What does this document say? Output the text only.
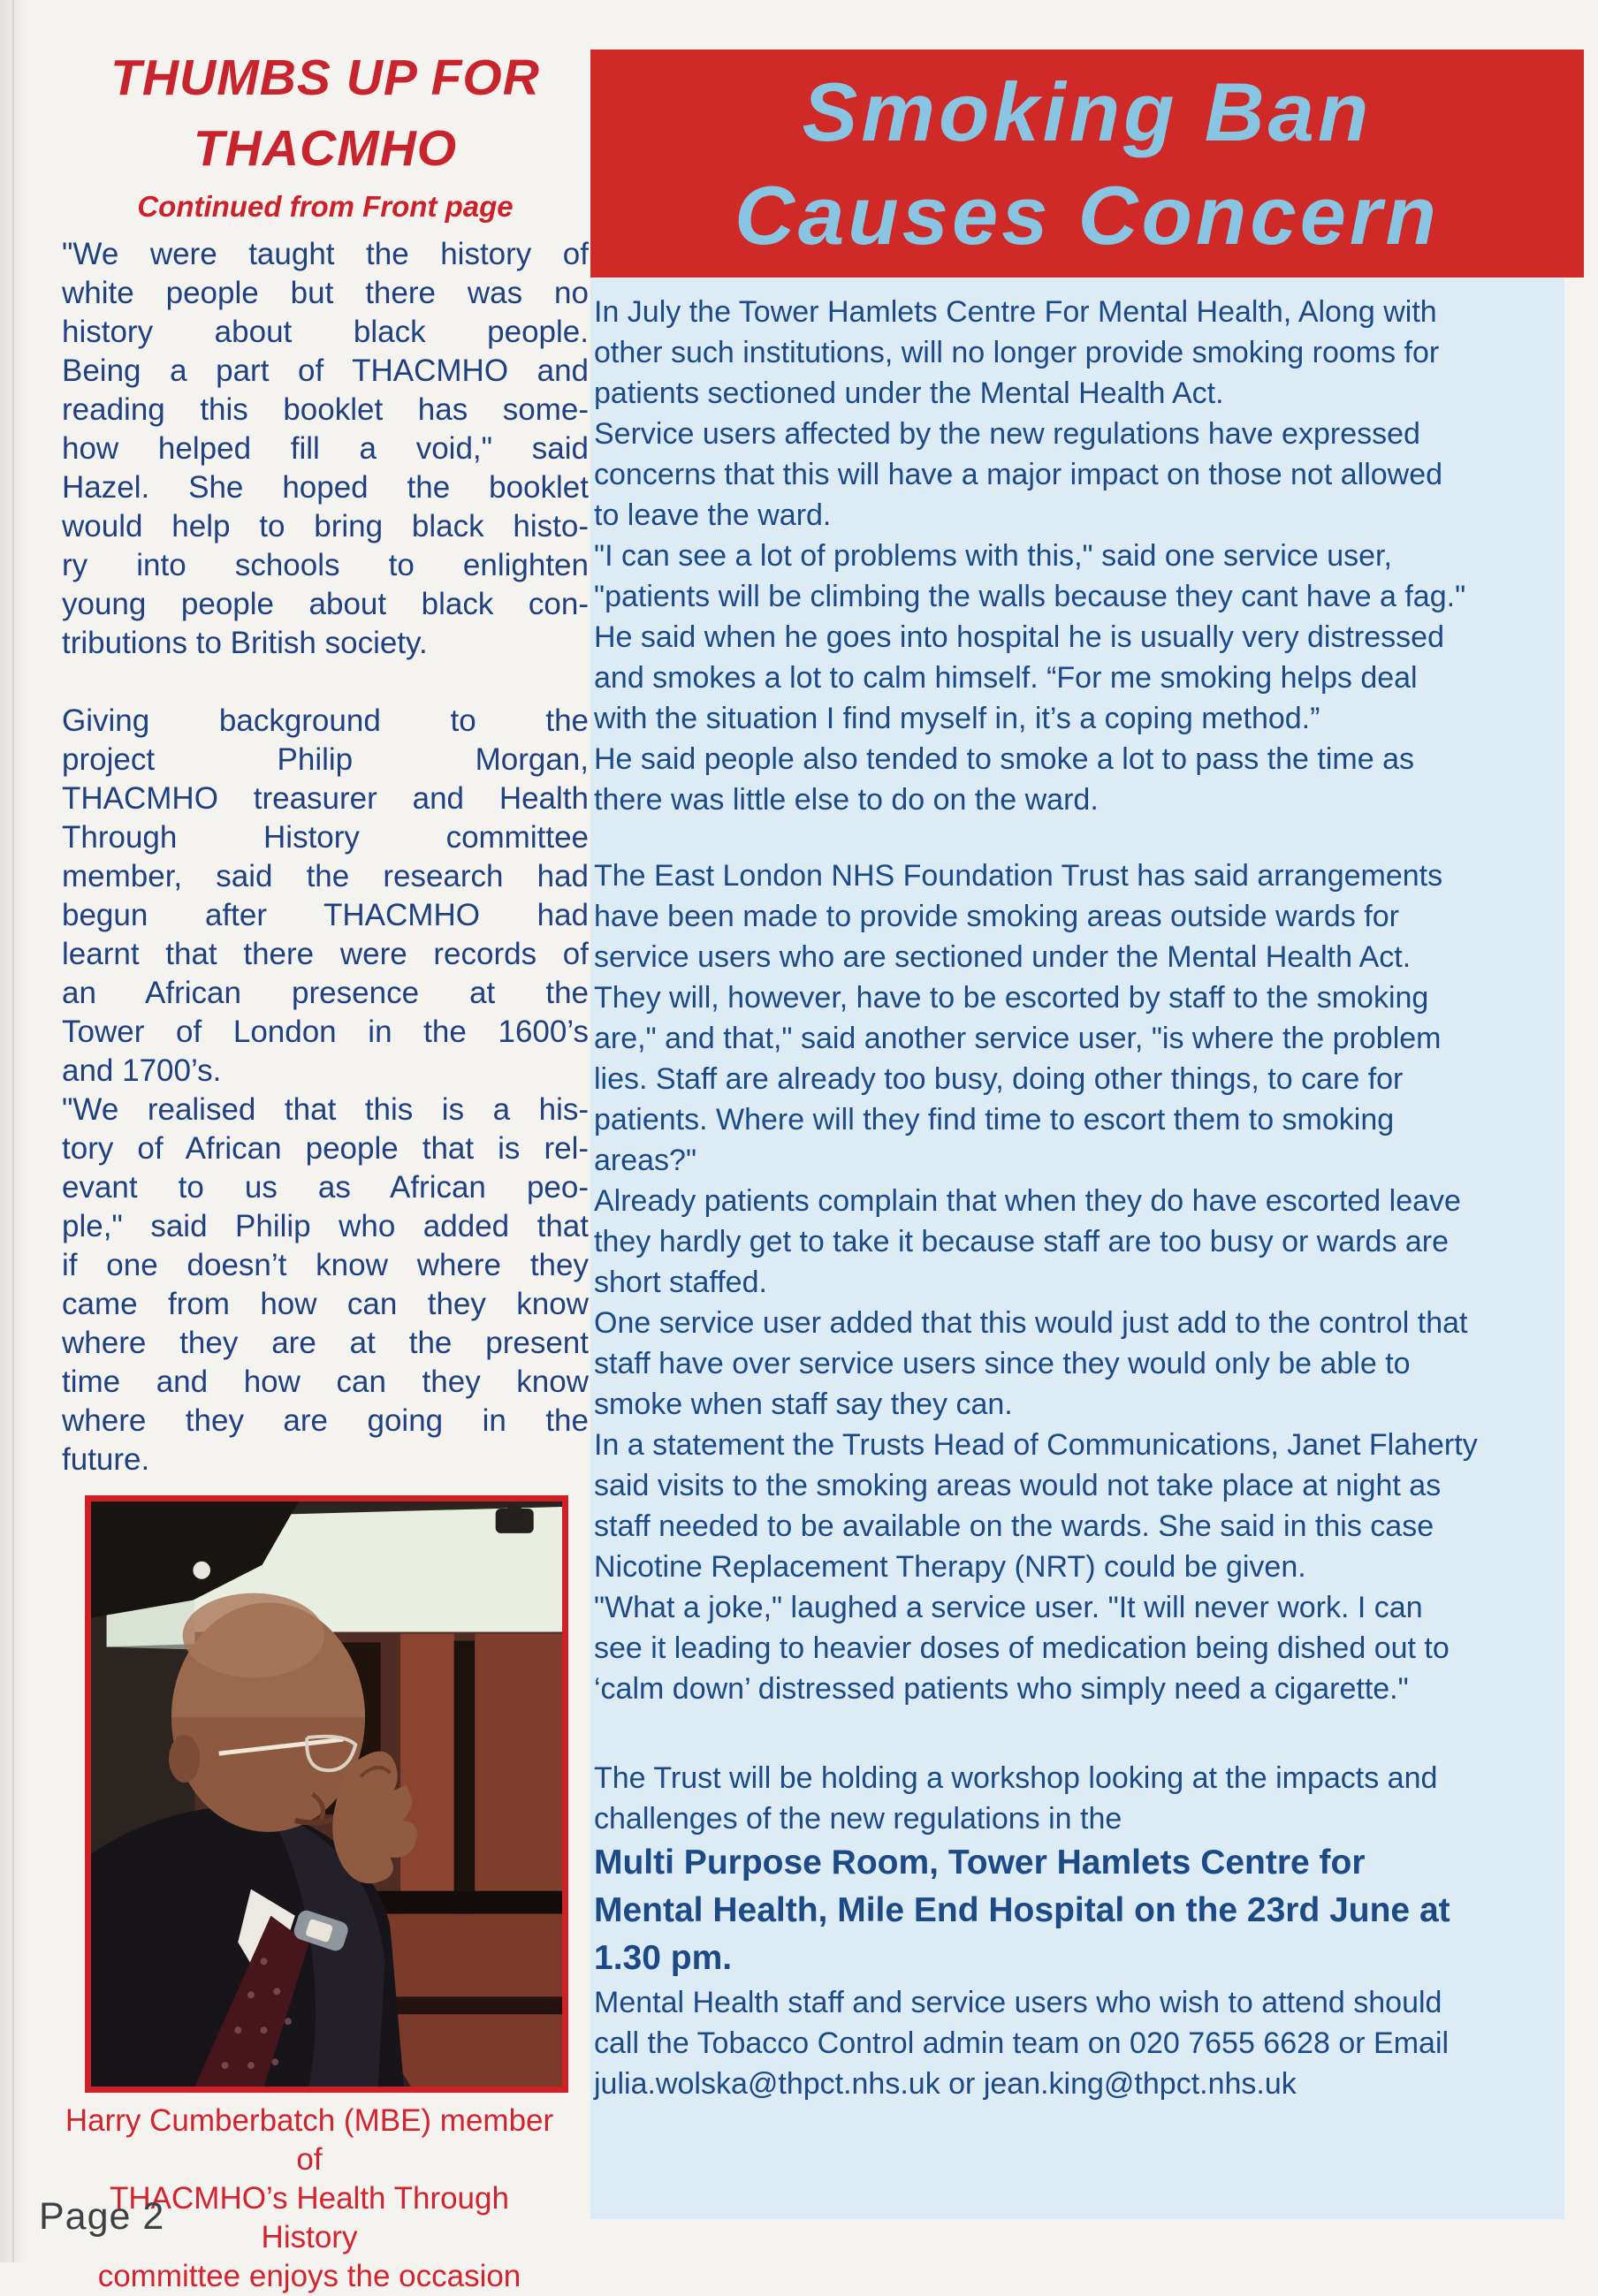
THUMBS UP FOR
THACMHO
Continued from Front page
"We were taught the history of
white people but there was no
history about black people.
Being a part of THACMHO and
reading this booklet has some-
how helped fill a void," said
Hazel. She hoped the booklet
would help to bring black histo-
ry into schools to enlighten
young people about black con-
tributions to British society.
Giving background to the
project Philip Morgan,
THACMHO treasurer and Health
Through History committee
member, said the research had
begun after THACMHO had
learnt that there were records of
an African presence at the
Tower of London in the 1600’s
and 1700’s.
"We realised that this is a his-
tory of African people that is rel-
evant to us as African peo-
ple," said Philip who added that
if one doesn’t know where they
came from how can they know
where they are at the present
time and how can they know
where they are going in the
future.
Smoking Ban
Causes Concern
In July the Tower Hamlets Centre For Mental Health, Along with
other such institutions, will no longer provide smoking rooms for
patients sectioned under the Mental Health Act.
Service users affected by the new regulations have expressed
concerns that this will have a major impact on those not allowed
to leave the ward.
"I can see a lot of problems with this," said one service user,
"patients will be climbing the walls because they cant have a fag."
He said when he goes into hospital he is usually very distressed
and smokes a lot to calm himself. “For me smoking helps deal
with the situation I find myself in, it’s a coping method.”
He said people also tended to smoke a lot to pass the time as
there was little else to do on the ward.
The East London NHS Foundation Trust has said arrangements
have been made to provide smoking areas outside wards for
service users who are sectioned under the Mental Health Act.
They will, however, have to be escorted by staff to the smoking
are," and that," said another service user, "is where the problem
lies. Staff are already too busy, doing other things, to care for
patients. Where will they find time to escort them to smoking
areas?"
Already patients complain that when they do have escorted leave
they hardly get to take it because staff are too busy or wards are
short staffed.
One service user added that this would just add to the control that
staff have over service users since they would only be able to
smoke when staff say they can.
In a statement the Trusts Head of Communications, Janet Flaherty
said visits to the smoking areas would not take place at night as
staff needed to be available on the wards. She said in this case
Nicotine Replacement Therapy (NRT) could be given.
"What a joke," laughed a service user. "It will never work. I can
see it leading to heavier doses of medication being dished out to
‘calm down’ distressed patients who simply need a cigarette."
The Trust will be holding a workshop looking at the impacts and
challenges of the new regulations in the
Multi Purpose Room, Tower Hamlets Centre for
Mental Health, Mile End Hospital on the 23rd June at
1.30 pm.
Mental Health staff and service users who wish to attend should
call the Tobacco Control admin team on 020 7655 6628 or Email
julia.wolska@thpct.nhs.uk or jean.king@thpct.nhs.uk
Harry Cumberbatch (MBE) member of
THACMHO’s Health Through History
committee enjoys the occasion
Page 2
